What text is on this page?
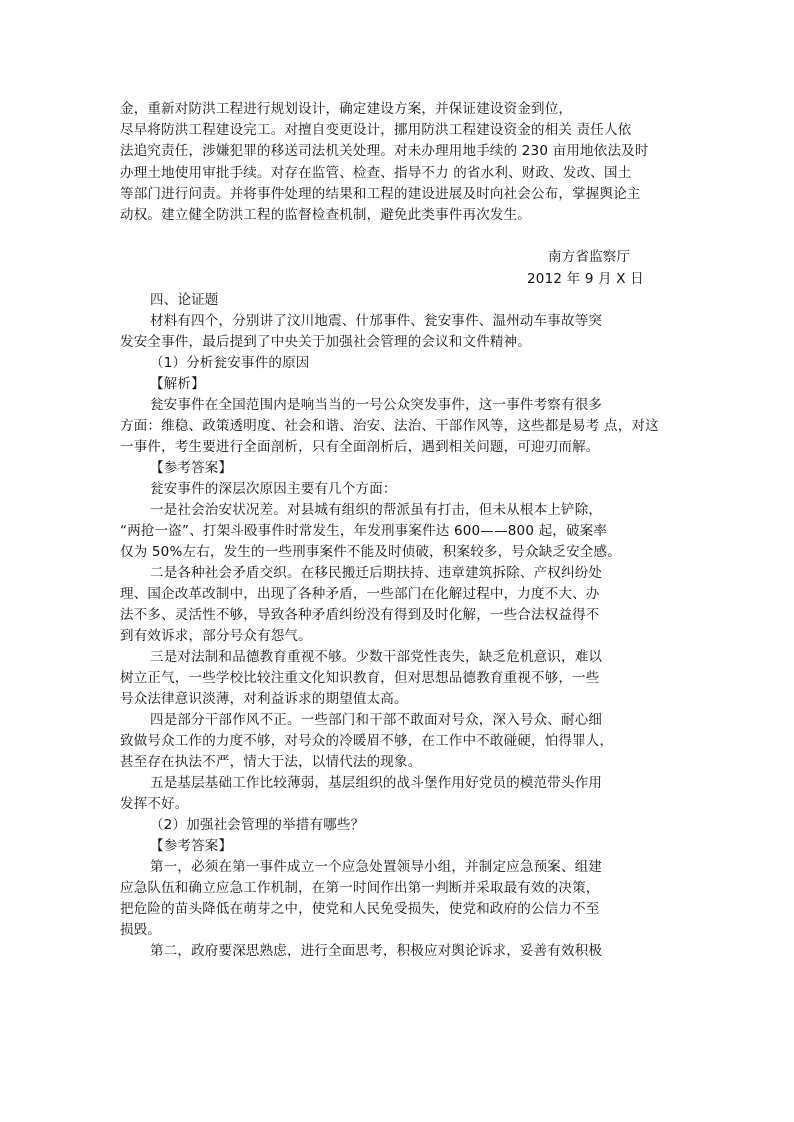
金，重新对防洪工程进行规划设计，确定建设方案，并保证建设资金到位，
尽早将防洪工程建设完工。对擅自变更设计，挪用防洪工程建设资金的相关 责任人依
法追究责任，涉嫌犯罪的移送司法机关处理。对未办理用地手续的 230 亩用地依法及时
办理土地使用审批手续。对存在监管、检查、指导不力 的省水利、财政、发改、国土
等部门进行问责。并将事件处理的结果和工程的建设进展及时向社会公布，掌握舆论主
动权。建立健全防洪工程的监督检查机制，避免此类事件再次发生。
南方省监察厅
2012 年 9 月 X 日
四、论证题
材料有四个，分别讲了汶川地震、什邡事件、瓮安事件、温州动车事故等突
发安全事件，最后提到了中央关于加强社会管理的会议和文件精神。
（1）分析瓮安事件的原因
【解析】
瓮安事件在全国范围内是响当当的一号公众突发事件，这一事件考察有很多
方面：维稳、政策透明度、社会和谐、治安、法治、干部作风等，这些都是易考 点，对这
一事件，考生要进行全面剖析，只有全面剖析后，遇到相关问题，可迎刃而解。
【参考答案】
瓮安事件的深层次原因主要有几个方面：
一是社会治安状况差。对县城有组织的帮派虽有打击，但未从根本上铲除，
“两抢一盗”、打架斗殴事件时常发生，年发刑事案件达 600——800 起，破案率
仅为 50%左右，发生的一些刑事案件不能及时侦破，积案较多，号众缺乏安全感。
二是各种社会矛盾交织。在移民搬迁后期扶持、违章建筑拆除、产权纠纷处
理、国企改革改制中，出现了各种矛盾，一些部门在化解过程中，力度不大、办
法不多、灵活性不够，导致各种矛盾纠纷没有得到及时化解，一些合法权益得不
到有效诉求，部分号众有怨气。
三是对法制和品德教育重视不够。少数干部党性丧失，缺乏危机意识，难以
树立正气，一些学校比较注重文化知识教育，但对思想品德教育重视不够，一些
号众法律意识淡薄，对利益诉求的期望值太高。
四是部分干部作风不正。一些部门和干部不敢面对号众，深入号众、耐心细
致做号众工作的力度不够，对号众的冷暖眉不够，在工作中不敢碰硬，怕得罪人，
甚至存在执法不严，情大于法，以情代法的现象。
五是基层基础工作比较薄弱，基层组织的战斗堡作用好党员的模范带头作用
发挥不好。
（2）加强社会管理的举措有哪些？
【参考答案】
第一，必须在第一事件成立一个应急处置领导小组，并制定应急预案、组建
应急队伍和确立应急工作机制，在第一时间作出第一判断并采取最有效的决策，
把危险的苗头降低在萌芽之中，使党和人民免受损失，使党和政府的公信力不至
损毁。
第二，政府要深思熟虑，进行全面思考，积极应对舆论诉求，妥善有效积极
